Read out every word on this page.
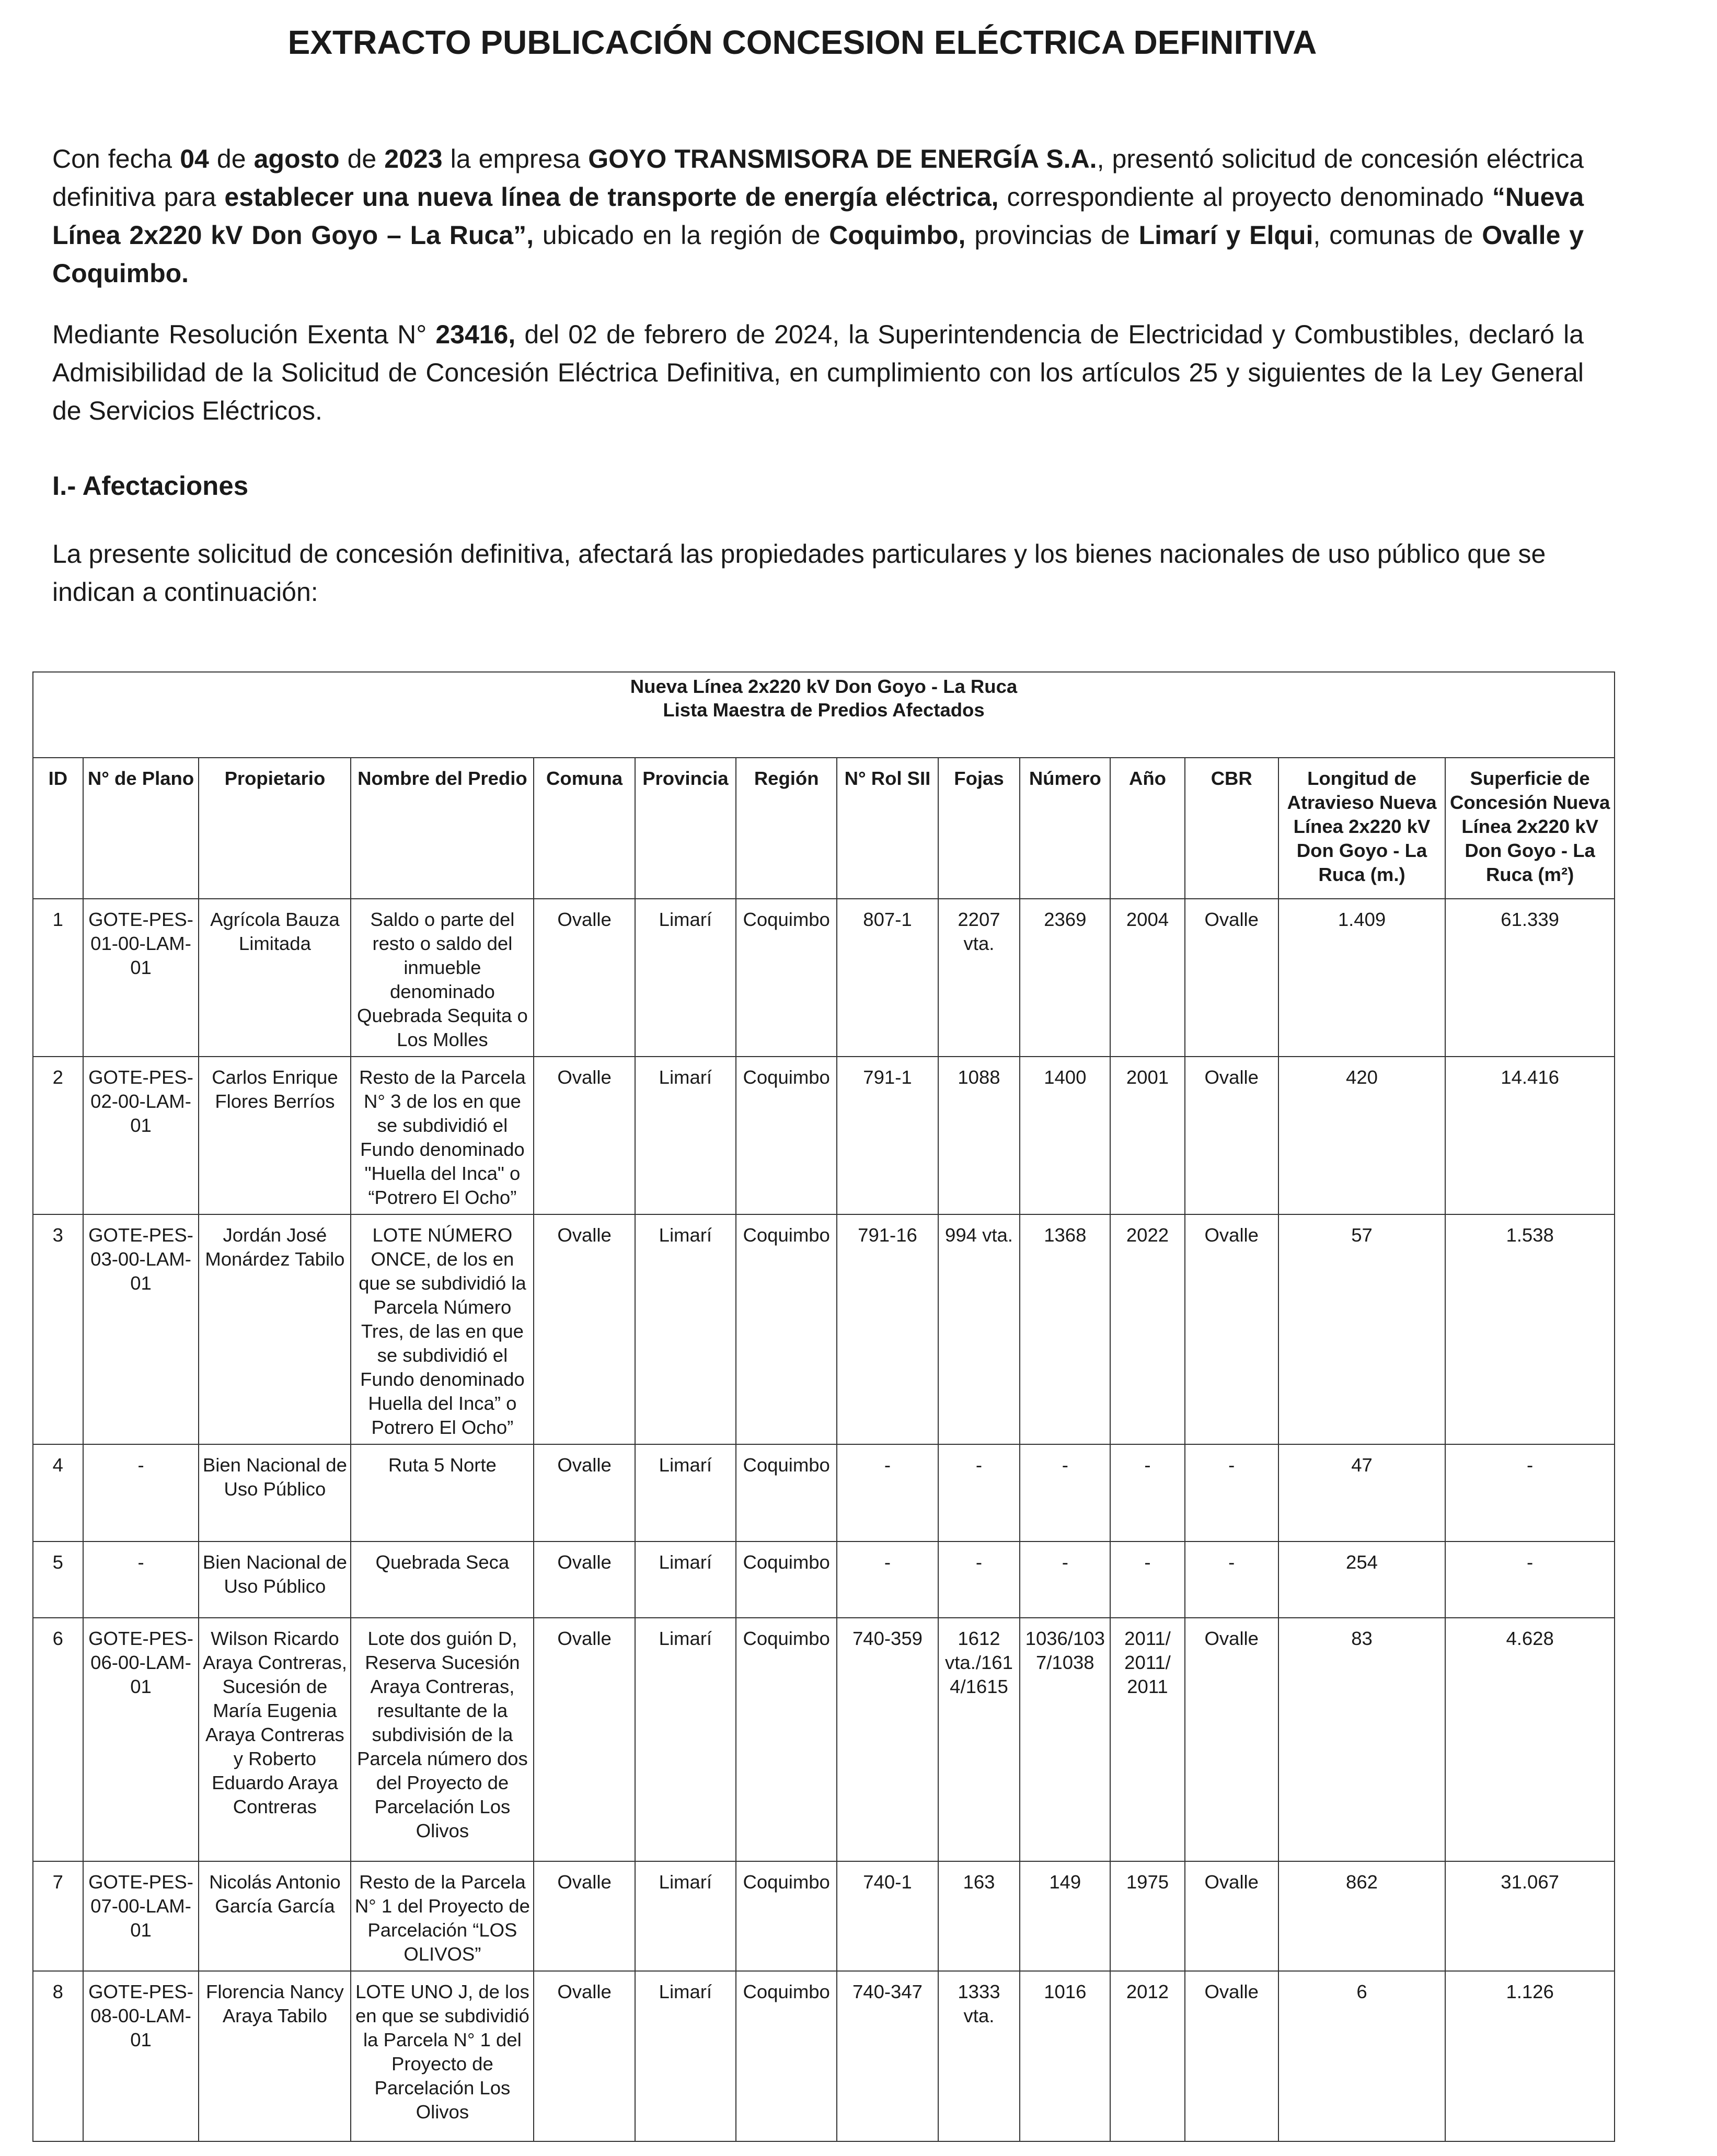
EXTRACTO PUBLICACIÓN CONCESION ELÉCTRICA DEFINITIVA

Con fecha 04 de agosto de 2023 la empresa GOYO TRANSMISORA DE ENERGÍA S.A., presentó solicitud de concesión eléctrica definitiva para establecer una nueva línea de transporte de energía eléctrica, correspondiente al proyecto denominado “Nueva Línea 2x220 kV Don Goyo – La Ruca”, ubicado en la región de Coquimbo, provincias de Limarí y Elqui, comunas de Ovalle y Coquimbo.

Mediante Resolución Exenta N° 23416, del 02 de febrero de 2024, la Superintendencia de Electricidad y Combustibles, declaró la Admisibilidad de la Solicitud de Concesión Eléctrica Definitiva, en cumplimiento con los artículos 25 y siguientes de la Ley General de Servicios Eléctricos.

I.- Afectaciones

La presente solicitud de concesión definitiva, afectará las propiedades particulares y los bienes nacionales de uso público que se indican a continuación:

Nueva Línea 2x220 kV Don Goyo - La Ruca
Lista Maestra de Predios Afectados													

ID	N° de Plano	Propietario	Nombre del Predio	Comuna	Provincia	Región	N° Rol SII	Fojas	Número	Año	CBR	Longitud de Atravieso Nueva Línea 2x220 kV Don Goyo - La Ruca (m.)	Superficie de Concesión Nueva Línea 2x220 kV Don Goyo - La Ruca (m²)
1	GOTE-PES-01-00-LAM-01	Agrícola Bauza Limitada	Saldo o parte del resto o saldo del inmueble denominado Quebrada Sequita o Los Molles	Ovalle	Limarí	Coquimbo	807-1	2207 vta.	2369	2004	Ovalle	1.409	61.339
2	GOTE-PES-02-00-LAM-01	Carlos Enrique Flores Berríos	Resto de la Parcela N° 3 de los en que se subdividió el Fundo denominado "Huella del Inca" o “Potrero El Ocho”	Ovalle	Limarí	Coquimbo	791-1	1088	1400	2001	Ovalle	420	14.416
3	GOTE-PES-03-00-LAM-01	Jordán José Monárdez Tabilo	LOTE NÚMERO ONCE, de los en que se subdividió la Parcela Número Tres, de las en que se subdividió el Fundo denominado Huella del Inca” o Potrero El Ocho”	Ovalle	Limarí	Coquimbo	791-16	994 vta.	1368	2022	Ovalle	57	1.538
4	-	Bien Nacional de Uso Público	Ruta 5 Norte	Ovalle	Limarí	Coquimbo	-	-	-	-	-	47	-
5	-	Bien Nacional de Uso Público	Quebrada Seca	Ovalle	Limarí	Coquimbo	-	-	-	-	-	254	-
6	GOTE-PES-06-00-LAM-01	Wilson Ricardo Araya Contreras, Sucesión de María Eugenia Araya Contreras y Roberto Eduardo Araya Contreras	Lote dos guión D, Reserva Sucesión Araya Contreras, resultante de la subdivisión de la Parcela número dos del Proyecto de Parcelación Los Olivos	Ovalle	Limarí	Coquimbo	740-359	1612 vta./161 4/1615	1036/103 7/1038	2011/ 2011/ 2011	Ovalle	83	4.628
7	GOTE-PES-07-00-LAM-01	Nicolás Antonio García García	Resto de la Parcela N° 1 del Proyecto de Parcelación “LOS OLIVOS”	Ovalle	Limarí	Coquimbo	740-1	163	149	1975	Ovalle	862	31.067
8	GOTE-PES-08-00-LAM-01	Florencia Nancy Araya Tabilo	LOTE UNO J, de los en que se subdividió la Parcela N° 1 del Proyecto de Parcelación Los Olivos	Ovalle	Limarí	Coquimbo	740-347	1333 vta.	1016	2012	Ovalle	6	1.126
